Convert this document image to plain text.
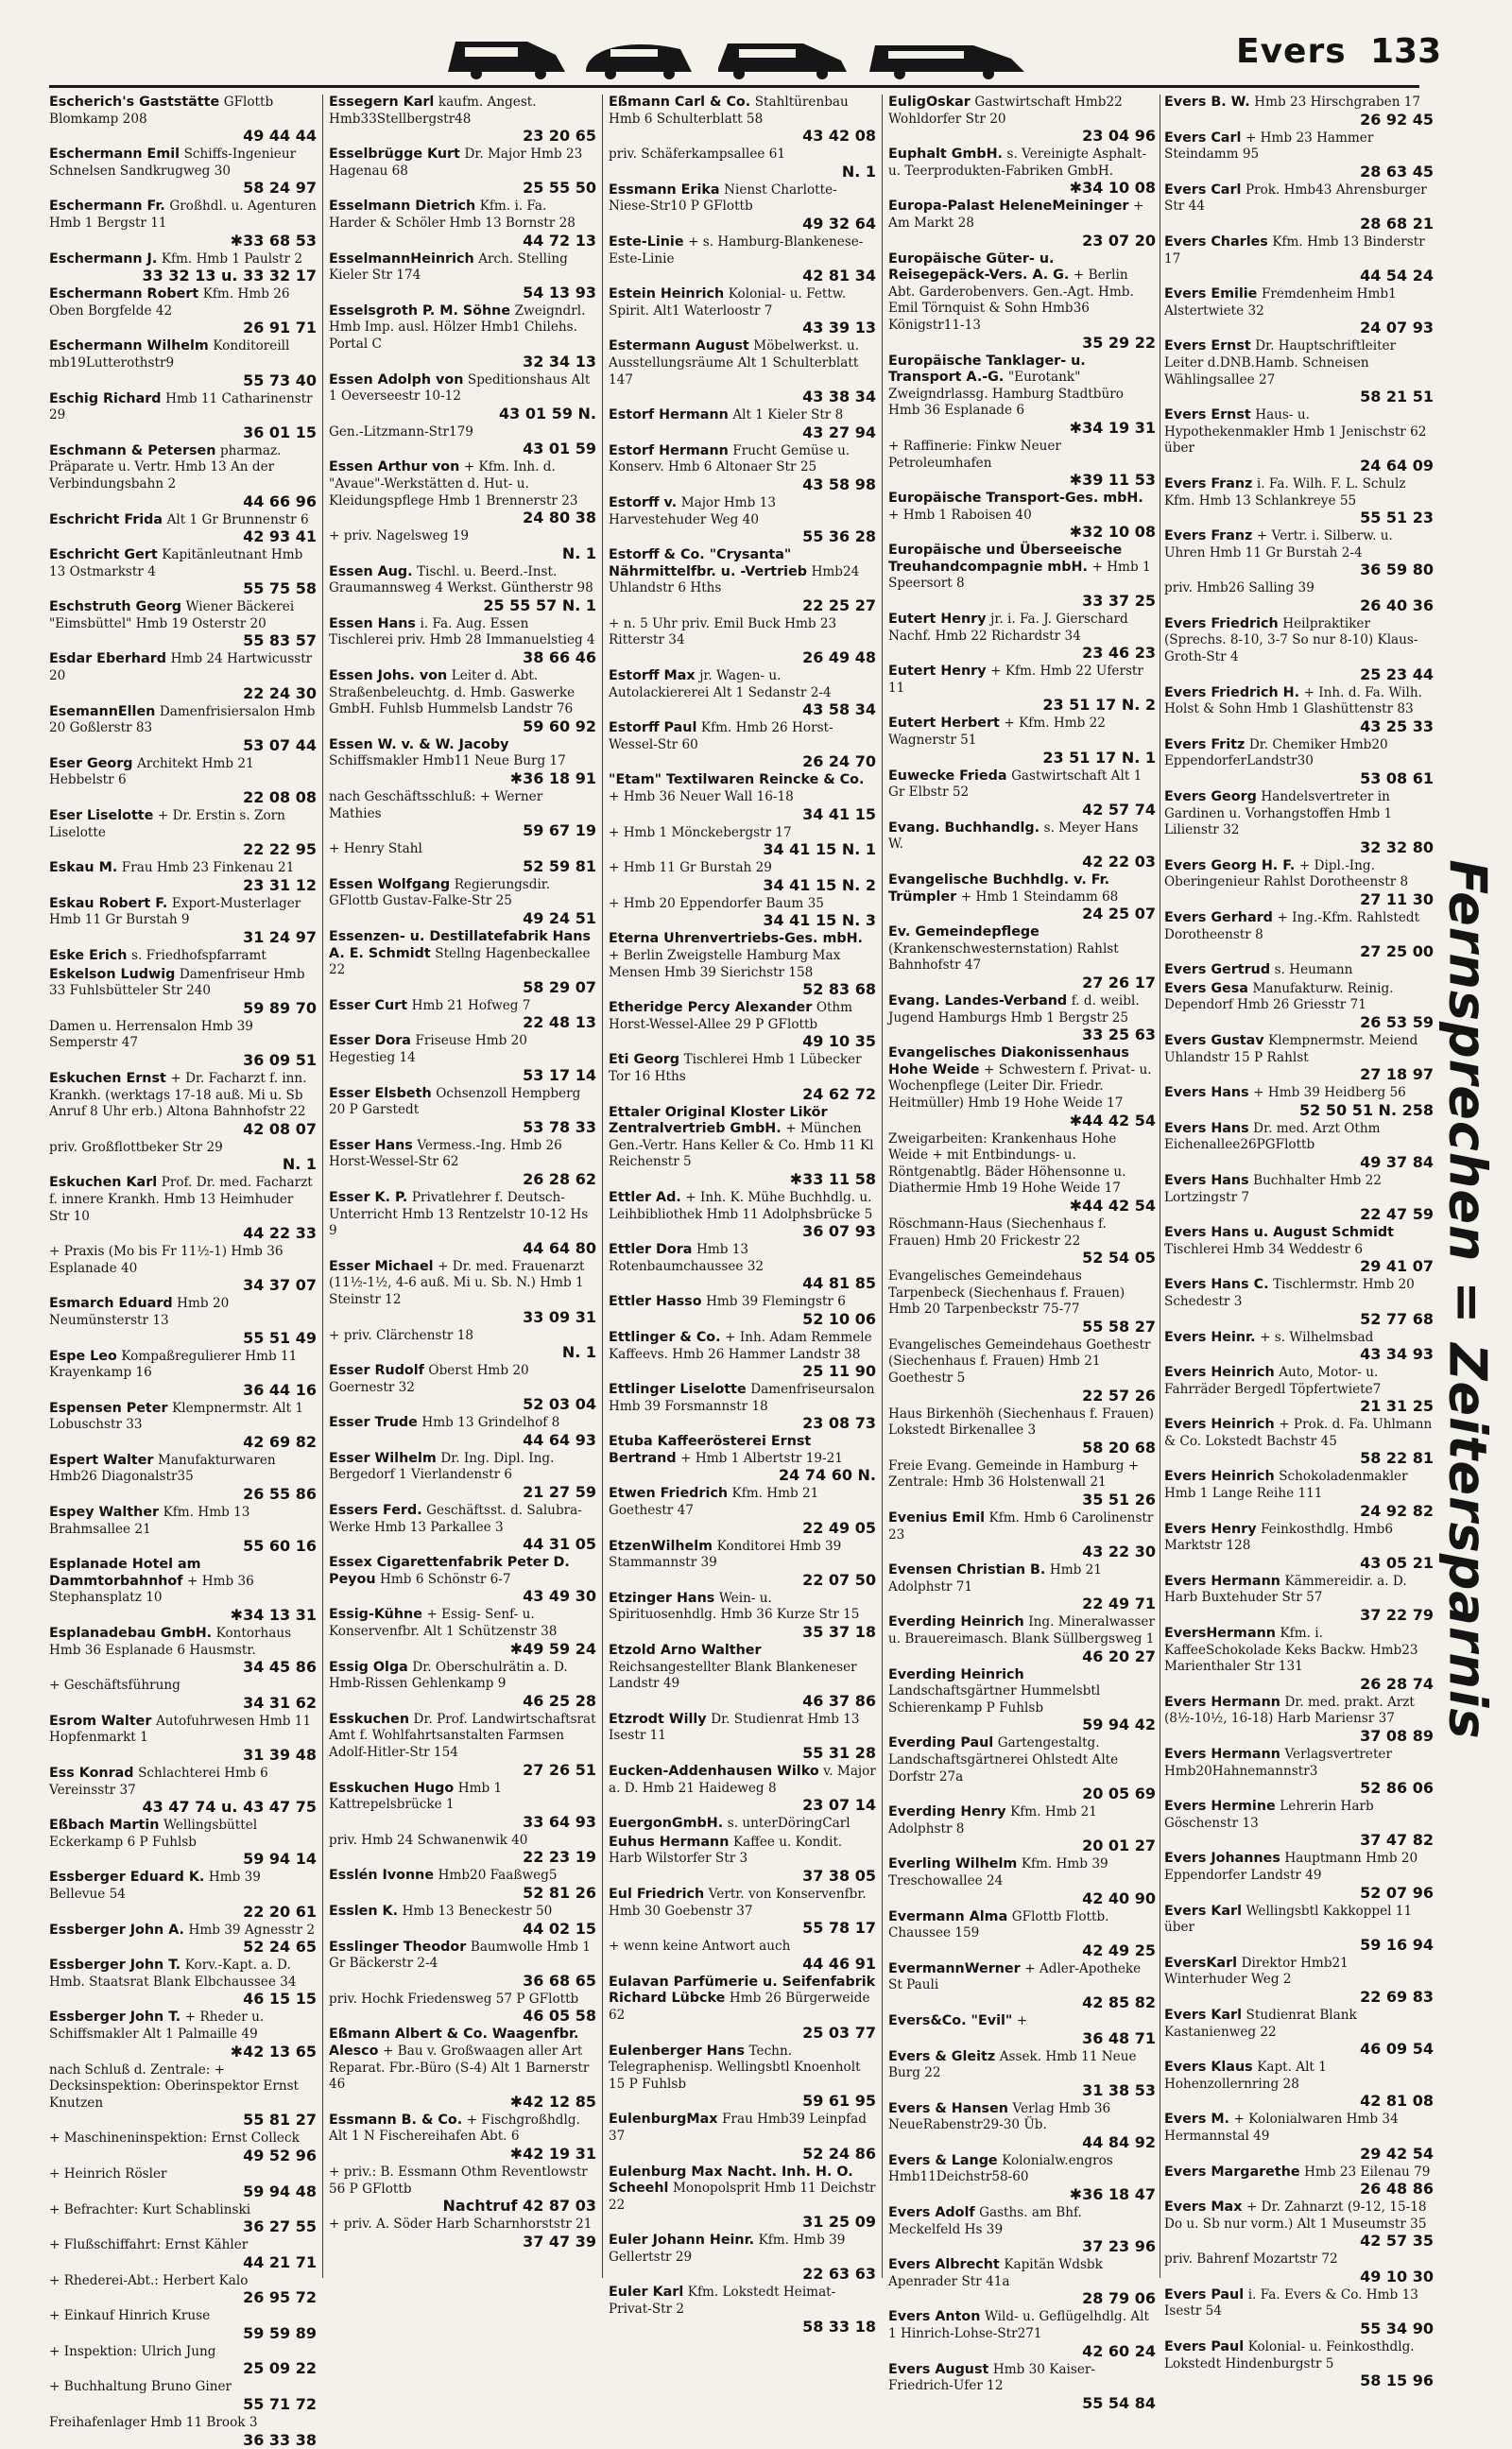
Evers 133

Escherich's Gaststätte GFlottb Blomkamp 208
49 44 44

Eschermann Emil Schiffs-Ingenieur Schnelsen Sandkrugweg 30
58 24 97

Eschermann Fr. Großhdl. u. Agenturen Hmb 1 Bergstr 11
✱33 68 53

Eschermann J. Kfm. Hmb 1 Paulstr 2
33 32 13 u. 33 32 17

Eschermann Robert Kfm. Hmb 26 Oben Borgfelde 42
26 91 71

Eschermann Wilhelm Konditoreill mb19Lutterothstr9
55 73 40

Eschig Richard Hmb 11 Catharinenstr 29
36 01 15

Eschmann & Petersen pharmaz. Präparate u. Vertr. Hmb 13 An der Verbindungsbahn 2
44 66 96

Eschricht Frida Alt 1 Gr Brunnenstr 6
42 93 41

Eschricht Gert Kapitänleutnant Hmb 13 Ostmarkstr 4
55 75 58

Eschstruth Georg Wiener Bäckerei "Eimsbüttel" Hmb 19 Osterstr 20
55 83 57

Esdar Eberhard Hmb 24 Hartwicusstr 20
22 24 30

EsemannEllen Damenfrisiersalon Hmb 20 Goßlerstr 83
53 07 44

Eser Georg Architekt Hmb 21 Hebbelstr 6
22 08 08

Eser Liselotte + Dr. Erstin s. Zorn Liselotte
22 22 95

Eskau M. Frau Hmb 23 Finkenau 21
23 31 12

Eskau Robert F. Export-Musterlager Hmb 11 Gr Burstah 9
31 24 97

Eske Erich s. Friedhofspfarramt

Eskelson Ludwig Damenfriseur Hmb 33 Fuhlsbütteler Str 240
59 89 70

Damen u. Herrensalon Hmb 39 Semperstr 47
36 09 51

Eskuchen Ernst + Dr. Facharzt f. inn. Krankh. (werktags 17-18 auß. Mi u. Sb Anruf 8 Uhr erb.) Altona Bahnhofstr 22
42 08 07

priv. Großflottbeker Str 29
N. 1

Eskuchen Karl Prof. Dr. med. Facharzt f. innere Krankh. Hmb 13 Heimhuder Str 10
44 22 33

+ Praxis (Mo bis Fr 11½-1) Hmb 36 Esplanade 40
34 37 07

Esmarch Eduard Hmb 20 Neumünsterstr 13
55 51 49

Espe Leo Kompaßregulierer Hmb 11 Krayenkamp 16
36 44 16

Espensen Peter Klempnermstr. Alt 1 Lobuschstr 33
42 69 82

Espert Walter Manufakturwaren Hmb26 Diagonalstr35
26 55 86

Espey Walther Kfm. Hmb 13 Brahmsallee 21
55 60 16

Esplanade Hotel am Dammtorbahnhof + Hmb 36 Stephansplatz 10
✱34 13 31

Esplanadebau GmbH. Kontorhaus Hmb 36 Esplanade 6 Hausmstr.
34 45 86

+ Geschäftsführung
34 31 62

Esrom Walter Autofuhrwesen Hmb 11 Hopfenmarkt 1
31 39 48

Ess Konrad Schlachterei Hmb 6 Vereinsstr 37
43 47 74 u. 43 47 75

Eßbach Martin Wellingsbüttel Eckerkamp 6 P Fuhlsb
59 94 14

Essberger Eduard K. Hmb 39 Bellevue 54
22 20 61

Essberger John A. Hmb 39 Agnesstr 2
52 24 65

Essberger John T. Korv.-Kapt. a. D. Hmb. Staatsrat Blank Elbchaussee 34
46 15 15

Essberger John T. + Rheder u. Schiffsmakler Alt 1 Palmaille 49
✱42 13 65

nach Schluß d. Zentrale: + Decksinspektion: Oberinspektor Ernst Knutzen
55 81 27

+ Maschineninspektion: Ernst Colleck
49 52 96

+ Heinrich Rösler
59 94 48

+ Befrachter: Kurt Schablinski
36 27 55

+ Flußschiffahrt: Ernst Kähler
44 21 71

+ Rhederei-Abt.: Herbert Kalo
26 95 72

+ Einkauf Hinrich Kruse
59 59 89

+ Inspektion: Ulrich Jung
25 09 22

+ Buchhaltung Bruno Giner
55 71 72

Freihafenlager Hmb 11 Brook 3
36 33 38

Essegern Karl kaufm. Angest. Hmb33Stellbergstr48
23 20 65

Esselbrügge Kurt Dr. Major Hmb 23 Hagenau 68
25 55 50

Esselmann Dietrich Kfm. i. Fa. Harder & Schöler Hmb 13 Bornstr 28
44 72 13

EsselmannHeinrich Arch. Stelling Kieler Str 174
54 13 93

Esselsgroth P. M. Söhne Zweigndrl. Hmb Imp. ausl. Hölzer Hmb1 Chilehs. Portal C
32 34 13

Essen Adolph von Speditionshaus Alt 1 Oeverseestr 10-12
43 01 59 N.

Gen.-Litzmann-Str179
43 01 59

Essen Arthur von + Kfm. Inh. d. "Avaue"-Werkstätten d. Hut- u. Kleidungspflege Hmb 1 Brennerstr 23
24 80 38

+ priv. Nagelsweg 19
N. 1

Essen Aug. Tischl. u. Beerd.-Inst. Graumannsweg 4 Werkst. Güntherstr 98
25 55 57 N. 1

Essen Hans i. Fa. Aug. Essen Tischlerei priv. Hmb 28 Immanuelstieg 4
38 66 46

Essen Johs. von Leiter d. Abt. Straßenbeleuchtg. d. Hmb. Gaswerke GmbH. Fuhlsb Hummelsb Landstr 76
59 60 92

Essen W. v. & W. Jacoby Schiffsmakler Hmb11 Neue Burg 17
✱36 18 91

nach Geschäftsschluß: + Werner Mathies
59 67 19

+ Henry Stahl
52 59 81

Essen Wolfgang Regierungsdir. GFlottb Gustav-Falke-Str 25
49 24 51

Essenzen- u. Destillatefabrik Hans A. E. Schmidt Stellng Hagenbeckallee 22
58 29 07

Esser Curt Hmb 21 Hofweg 7
22 48 13

Esser Dora Friseuse Hmb 20 Hegestieg 14
53 17 14

Esser Elsbeth Ochsenzoll Hempberg 20 P Garstedt
53 78 33

Esser Hans Vermess.-Ing. Hmb 26 Horst-Wessel-Str 62
26 28 62

Esser K. P. Privatlehrer f. Deutsch-Unterricht Hmb 13 Rentzelstr 10-12 Hs 9
44 64 80

Esser Michael + Dr. med. Frauenarzt (11½-1½, 4-6 auß. Mi u. Sb. N.) Hmb 1 Steinstr 12
33 09 31

+ priv. Clärchenstr 18
N. 1

Esser Rudolf Oberst Hmb 20 Goernestr 32
52 03 04

Esser Trude Hmb 13 Grindelhof 8
44 64 93

Esser Wilhelm Dr. Ing. Dipl. Ing. Bergedorf 1 Vierlandenstr 6
21 27 59

Essers Ferd. Geschäftsst. d. Salubra-Werke Hmb 13 Parkallee 3
44 31 05

Essex Cigarettenfabrik Peter D. Peyou Hmb 6 Schönstr 6-7
43 49 30

Essig-Kühne + Essig- Senf- u. Konservenfbr. Alt 1 Schützenstr 38
✱49 59 24

Essig Olga Dr. Oberschulrätin a. D. Hmb-Rissen Gehlenkamp 9
46 25 28

Esskuchen Dr. Prof. Landwirtschaftsrat Amt f. Wohlfahrtsanstalten Farmsen Adolf-Hitler-Str 154
27 26 51

Esskuchen Hugo Hmb 1 Kattrepelsbrücke 1
33 64 93

priv. Hmb 24 Schwanenwik 40
22 23 19

Esslén Ivonne Hmb20 Faaßweg5
52 81 26

Esslen K. Hmb 13 Beneckestr 50
44 02 15

Esslinger Theodor Baumwolle Hmb 1 Gr Bäckerstr 2-4
36 68 65

priv. Hochk Friedensweg 57 P GFlottb
46 05 58

Eßmann Albert & Co. Waagenfbr. Alesco + Bau v. Großwaagen aller Art Reparat. Fbr.-Büro (S-4) Alt 1 Barnerstr 46
✱42 12 85

Essmann B. & Co. + Fischgroßhdlg. Alt 1 N Fischereihafen Abt. 6
✱42 19 31

+ priv.: B. Essmann Othm Reventlowstr 56 P GFlottb
Nachtruf 42 87 03

+ priv. A. Söder Harb Scharnhorststr 21
37 47 39

Eßmann Carl & Co. Stahltürenbau Hmb 6 Schulterblatt 58
43 42 08

priv. Schäferkampsallee 61
N. 1

Essmann Erika Nienst Charlotte-Niese-Str10 P GFlottb
49 32 64

Este-Linie + s. Hamburg-Blankenese-Este-Linie
42 81 34

Estein Heinrich Kolonial- u. Fettw. Spirit. Alt1 Waterloostr 7
43 39 13

Estermann August Möbelwerkst. u. Ausstellungsräume Alt 1 Schulterblatt 147
43 38 34

Estorf Hermann Alt 1 Kieler Str 8
43 27 94

Estorf Hermann Frucht Gemüse u. Konserv. Hmb 6 Altonaer Str 25
43 58 98

Estorff v. Major Hmb 13 Harvestehuder Weg 40
55 36 28

Estorff & Co. "Crysanta" Nährmittelfbr. u. -Vertrieb Hmb24 Uhlandstr 6 Hths
22 25 27

+ n. 5 Uhr priv. Emil Buck Hmb 23 Ritterstr 34
26 49 48

Estorff Max jr. Wagen- u. Autolackiererei Alt 1 Sedanstr 2-4
43 58 34

Estorff Paul Kfm. Hmb 26 Horst-Wessel-Str 60
26 24 70

"Etam" Textilwaren Reincke & Co. + Hmb 36 Neuer Wall 16-18
34 41 15

+ Hmb 1 Mönckebergstr 17
34 41 15 N. 1

+ Hmb 11 Gr Burstah 29
34 41 15 N. 2

+ Hmb 20 Eppendorfer Baum 35
34 41 15 N. 3

Eterna Uhrenvertriebs-Ges. mbH. + Berlin Zweigstelle Hamburg Max Mensen Hmb 39 Sierichstr 158
52 83 68

Etheridge Percy Alexander Othm Horst-Wessel-Allee 29 P GFlottb
49 10 35

Eti Georg Tischlerei Hmb 1 Lübecker Tor 16 Hths
24 62 72

Ettaler Original Kloster Likör Zentralvertrieb GmbH. + München Gen.-Vertr. Hans Keller & Co. Hmb 11 Kl Reichenstr 5
✱33 11 58

Ettler Ad. + Inh. K. Mühe Buchhdlg. u. Leihbibliothek Hmb 11 Adolphsbrücke 5
36 07 93

Ettler Dora Hmb 13 Rotenbaumchaussee 32
44 81 85

Ettler Hasso Hmb 39 Flemingstr 6
52 10 06

Ettlinger & Co. + Inh. Adam Remmele Kaffeevs. Hmb 26 Hammer Landstr 38
25 11 90

Ettlinger Liselotte Damenfriseursalon Hmb 39 Forsmannstr 18
23 08 73

Etuba Kaffeerösterei Ernst Bertrand + Hmb 1 Albertstr 19-21
24 74 60 N.

Etwen Friedrich Kfm. Hmb 21 Goethestr 47
22 49 05

EtzenWilhelm Konditorei Hmb 39 Stammannstr 39
22 07 50

Etzinger Hans Wein- u. Spirituosenhdlg. Hmb 36 Kurze Str 15
35 37 18

Etzold Arno Walther Reichsangestellter Blank Blankeneser Landstr 49
46 37 86

Etzrodt Willy Dr. Studienrat Hmb 13 Isestr 11
55 31 28

Eucken-Addenhausen Wilko v. Major a. D. Hmb 21 Haideweg 8
23 07 14

EuergonGmbH. s. unterDöringCarl

Euhus Hermann Kaffee u. Kondit. Harb Wilstorfer Str 3
37 38 05

Eul Friedrich Vertr. von Konservenfbr. Hmb 30 Goebenstr 37
55 78 17

+ wenn keine Antwort auch
44 46 91

Eulavan Parfümerie u. Seifenfabrik Richard Lübcke Hmb 26 Bürgerweide 62
25 03 77

Eulenberger Hans Techn. Telegraphenisp. Wellingsbtl Knoenholt 15 P Fuhlsb
59 61 95

EulenburgMax Frau Hmb39 Leinpfad 37
52 24 86

Eulenburg Max Nacht. Inh. H. O. Scheehl Monopolsprit Hmb 11 Deichstr 22
31 25 09

Euler Johann Heinr. Kfm. Hmb 39 Gellertstr 29
22 63 63

Euler Karl Kfm. Lokstedt Heimat-Privat-Str 2
58 33 18

EuligOskar Gastwirtschaft Hmb22 Wohldorfer Str 20
23 04 96

Euphalt GmbH. s. Vereinigte Asphalt- u. Teerprodukten-Fabriken GmbH.
✱34 10 08

Europa-Palast HeleneMeininger + Am Markt 28
23 07 20

Europäische Güter- u. Reisegepäck-Vers. A. G. + Berlin Abt. Garderobenvers. Gen.-Agt. Hmb. Emil Törnquist & Sohn Hmb36 Königstr11-13
35 29 22

Europäische Tanklager- u. Transport A.-G. "Eurotank" Zweigndrlassg. Hamburg Stadtbüro Hmb 36 Esplanade 6
✱34 19 31

+ Raffinerie: Finkw Neuer Petroleumhafen
✱39 11 53

Europäische Transport-Ges. mbH. + Hmb 1 Raboisen 40
✱32 10 08

Europäische und Überseeische Treuhandcompagnie mbH. + Hmb 1 Speersort 8
33 37 25

Eutert Henry jr. i. Fa. J. Gierschard Nachf. Hmb 22 Richardstr 34
23 46 23

Eutert Henry + Kfm. Hmb 22 Uferstr 11
23 51 17 N. 2

Eutert Herbert + Kfm. Hmb 22 Wagnerstr 51
23 51 17 N. 1

Euwecke Frieda Gastwirtschaft Alt 1 Gr Elbstr 52
42 57 74

Evang. Buchhandlg. s. Meyer Hans W.
42 22 03

Evangelische Buchhdlg. v. Fr. Trümpler + Hmb 1 Steindamm 68
24 25 07

Ev. Gemeindepflege (Krankenschwesternstation) Rahlst Bahnhofstr 47
27 26 17

Evang. Landes-Verband f. d. weibl. Jugend Hamburgs Hmb 1 Bergstr 25
33 25 63

Evangelisches Diakonissenhaus Hohe Weide + Schwestern f. Privat- u. Wochenpflege (Leiter Dir. Friedr. Heitmüller) Hmb 19 Hohe Weide 17
✱44 42 54

Zweigarbeiten: Krankenhaus Hohe Weide + mit Entbindungs- u. Röntgenabtlg. Bäder Höhensonne u. Diathermie Hmb 19 Hohe Weide 17
✱44 42 54

Röschmann-Haus (Siechenhaus f. Frauen) Hmb 20 Frickestr 22
52 54 05

Evangelisches Gemeindehaus Tarpenbeck (Siechenhaus f. Frauen) Hmb 20 Tarpenbeckstr 75-77
55 58 27

Evangelisches Gemeindehaus Goethestr (Siechenhaus f. Frauen) Hmb 21 Goethestr 5
22 57 26

Haus Birkenhöh (Siechenhaus f. Frauen) Lokstedt Birkenallee 3
58 20 68

Freie Evang. Gemeinde in Hamburg + Zentrale: Hmb 36 Holstenwall 21
35 51 26

Evenius Emil Kfm. Hmb 6 Carolinenstr 23
43 22 30

Evensen Christian B. Hmb 21 Adolphstr 71
22 49 71

Everding Heinrich Ing. Mineralwasser u. Brauereimasch. Blank Süllbergsweg 1
46 20 27

Everding Heinrich Landschaftsgärtner Hummelsbtl Schierenkamp P Fuhlsb
59 94 42

Everding Paul Gartengestaltg. Landschaftsgärtnerei Ohlstedt Alte Dorfstr 27a
20 05 69

Everding Henry Kfm. Hmb 21 Adolphstr 8
20 01 27

Everling Wilhelm Kfm. Hmb 39 Treschowallee 24
42 40 90

Evermann Alma GFlottb Flottb. Chaussee 159
42 49 25

EvermannWerner + Adler-Apotheke St Pauli
42 85 82

Evers&Co. "Evil" +
36 48 71

Evers & Gleitz Assek. Hmb 11 Neue Burg 22
31 38 53

Evers & Hansen Verlag Hmb 36 NeueRabenstr29-30 Üb.
44 84 92

Evers & Lange Kolonialw.engros Hmb11Deichstr58-60
✱36 18 47

Evers Adolf Gasths. am Bhf. Meckelfeld Hs 39
37 23 96

Evers Albrecht Kapitän Wdsbk Apenrader Str 41a
28 79 06

Evers Anton Wild- u. Geflügelhdlg. Alt 1 Hinrich-Lohse-Str271
42 60 24

Evers August Hmb 30 Kaiser-Friedrich-Ufer 12
55 54 84

Evers B. W. Hmb 23 Hirschgraben 17
26 92 45

Evers Carl + Hmb 23 Hammer Steindamm 95
28 63 45

Evers Carl Prok. Hmb43 Ahrensburger Str 44
28 68 21

Evers Charles Kfm. Hmb 13 Binderstr 17
44 54 24

Evers Emilie Fremdenheim Hmb1 Alstertwiete 32
24 07 93

Evers Ernst Dr. Hauptschriftleiter Leiter d.DNB.Hamb. Schneisen Wählingsallee 27
58 21 51

Evers Ernst Haus- u. Hypothekenmakler Hmb 1 Jenischstr 62 über
24 64 09

Evers Franz i. Fa. Wilh. F. L. Schulz Kfm. Hmb 13 Schlankreye 55
55 51 23

Evers Franz + Vertr. i. Silberw. u. Uhren Hmb 11 Gr Burstah 2-4
36 59 80

priv. Hmb26 Salling 39
26 40 36

Evers Friedrich Heilpraktiker (Sprechs. 8-10, 3-7 So nur 8-10) Klaus-Groth-Str 4
25 23 44

Evers Friedrich H. + Inh. d. Fa. Wilh. Holst & Sohn Hmb 1 Glashüttenstr 83
43 25 33

Evers Fritz Dr. Chemiker Hmb20 EppendorferLandstr30
53 08 61

Evers Georg Handelsvertreter in Gardinen u. Vorhangstoffen Hmb 1 Lilienstr 32
32 32 80

Evers Georg H. F. + Dipl.-Ing. Oberingenieur Rahlst Dorotheenstr 8
27 11 30

Evers Gerhard + Ing.-Kfm. Rahlstedt Dorotheenstr 8
27 25 00

Evers Gertrud s. Heumann

Evers Gesa Manufakturw. Reinig. Dependorf Hmb 26 Griesstr 71
26 53 59

Evers Gustav Klempnermstr. Meiend Uhlandstr 15 P Rahlst
27 18 97

Evers Hans + Hmb 39 Heidberg 56
52 50 51 N. 258

Evers Hans Dr. med. Arzt Othm Eichenallee26PGFlottb
49 37 84

Evers Hans Buchhalter Hmb 22 Lortzingstr 7
22 47 59

Evers Hans u. August Schmidt Tischlerei Hmb 34 Weddestr 6
29 41 07

Evers Hans C. Tischlermstr. Hmb 20 Schedestr 3
52 77 68

Evers Heinr. + s. Wilhelmsbad
43 34 93

Evers Heinrich Auto, Motor- u. Fahrräder Bergedl Töpfertwiete7
21 31 25

Evers Heinrich + Prok. d. Fa. Uhlmann & Co. Lokstedt Bachstr 45
58 22 81

Evers Heinrich Schokoladenmakler Hmb 1 Lange Reihe 111
24 92 82

Evers Henry Feinkosthdlg. Hmb6 Marktstr 128
43 05 21

Evers Hermann Kämmereidir. a. D. Harb Buxtehuder Str 57
37 22 79

EversHermann Kfm. i. KaffeeSchokolade Keks Backw. Hmb23 Marienthaler Str 131
26 28 74

Evers Hermann Dr. med. prakt. Arzt (8½-10½, 16-18) Harb Mariensr 37
37 08 89

Evers Hermann Verlagsvertreter Hmb20Hahnemannstr3
52 86 06

Evers Hermine Lehrerin Harb Göschenstr 13
37 47 82

Evers Johannes Hauptmann Hmb 20 Eppendorfer Landstr 49
52 07 96

Evers Karl Wellingsbtl Kakkoppel 11 über
59 16 94

EversKarl Direktor Hmb21 Winterhuder Weg 2
22 69 83

Evers Karl Studienrat Blank Kastanienweg 22
46 09 54

Evers Klaus Kapt. Alt 1 Hohenzollernring 28
42 81 08

Evers M. + Kolonialwaren Hmb 34 Hermannstal 49
29 42 54

Evers Margarethe Hmb 23 Eilenau 79
26 48 86

Evers Max + Dr. Zahnarzt (9-12, 15-18 Do u. Sb nur vorm.) Alt 1 Museumstr 35
42 57 35

priv. Bahrenf Mozartstr 72
49 10 30

Evers Paul i. Fa. Evers & Co. Hmb 13 Isestr 54
55 34 90

Evers Paul Kolonial- u. Feinkosthdlg. Lokstedt Hindenburgstr 5
58 15 96

Fernsprechen = Zeitersparnis
